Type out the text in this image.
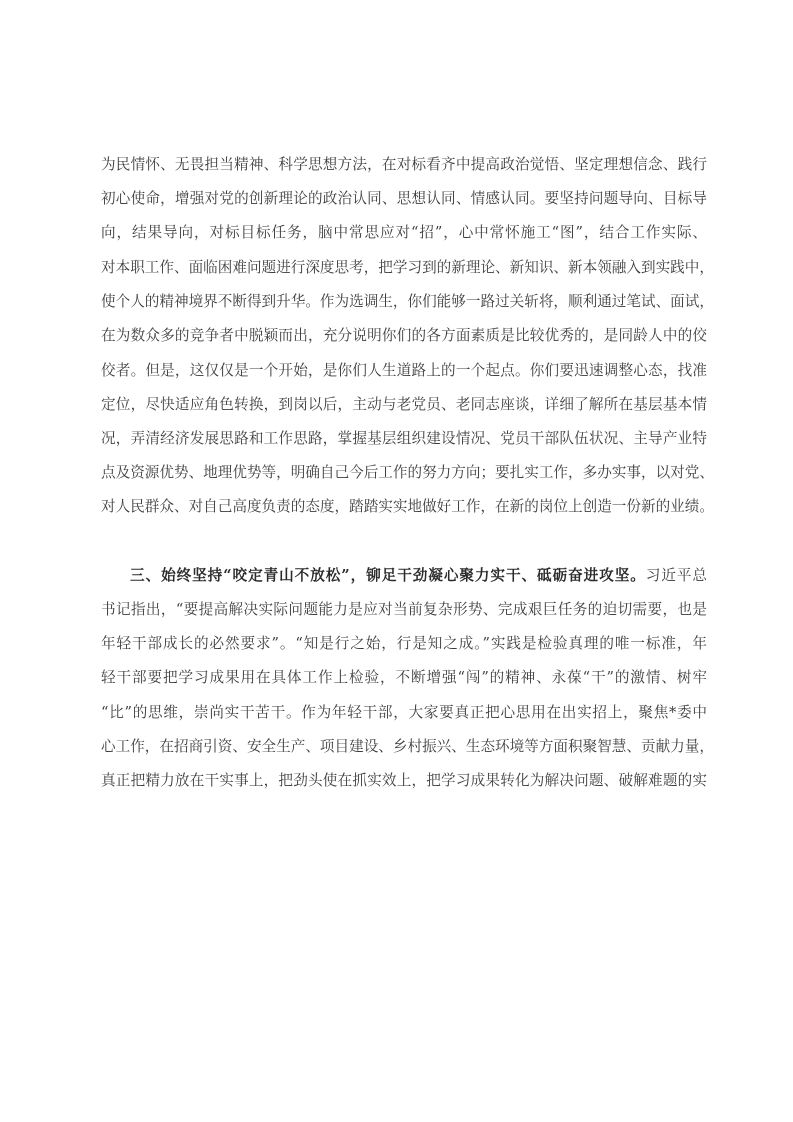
为民情怀、无畏担当精神、科学思想方法，在对标看齐中提高政治觉悟、坚定理想信念、践行
初心使命，增强对党的创新理论的政治认同、思想认同、情感认同。要坚持问题导向、目标导
向，结果导向，对标目标任务，脑中常思应对“招”，心中常怀施工“图”，结合工作实际、
对本职工作、面临困难问题进行深度思考，把学习到的新理论、新知识、新本领融入到实践中，
使个人的精神境界不断得到升华。作为选调生，你们能够一路过关斩将，顺利通过笔试、面试，
在为数众多的竞争者中脱颖而出，充分说明你们的各方面素质是比较优秀的，是同龄人中的佼
佼者。但是，这仅仅是一个开始，是你们人生道路上的一个起点。你们要迅速调整心态，找准
定位，尽快适应角色转换，到岗以后，主动与老党员、老同志座谈，详细了解所在基层基本情
况，弄清经济发展思路和工作思路，掌握基层组织建设情况、党员干部队伍状况、主导产业特
点及资源优势、地理优势等，明确自己今后工作的努力方向；要扎实工作，多办实事，以对党、
对人民群众、对自己高度负责的态度，踏踏实实地做好工作，在新的岗位上创造一份新的业绩。
三、始终坚持“咬定青山不放松”，铆足干劲凝心聚力实干、砥砺奋进攻坚。习近平总
书记指出，“要提高解决实际问题能力是应对当前复杂形势、完成艰巨任务的迫切需要，也是
年轻干部成长的必然要求”。“知是行之始，行是知之成。”实践是检验真理的唯一标准，年
轻干部要把学习成果用在具体工作上检验，不断增强“闯”的精神、永葆“干”的激情、树牢
“比”的思维，崇尚实干苦干。作为年轻干部，大家要真正把心思用在出实招上，聚焦*委中
心工作，在招商引资、安全生产、项目建设、乡村振兴、生态环境等方面积聚智慧、贡献力量，
真正把精力放在干实事上，把劲头使在抓实效上，把学习成果转化为解决问题、破解难题的实
